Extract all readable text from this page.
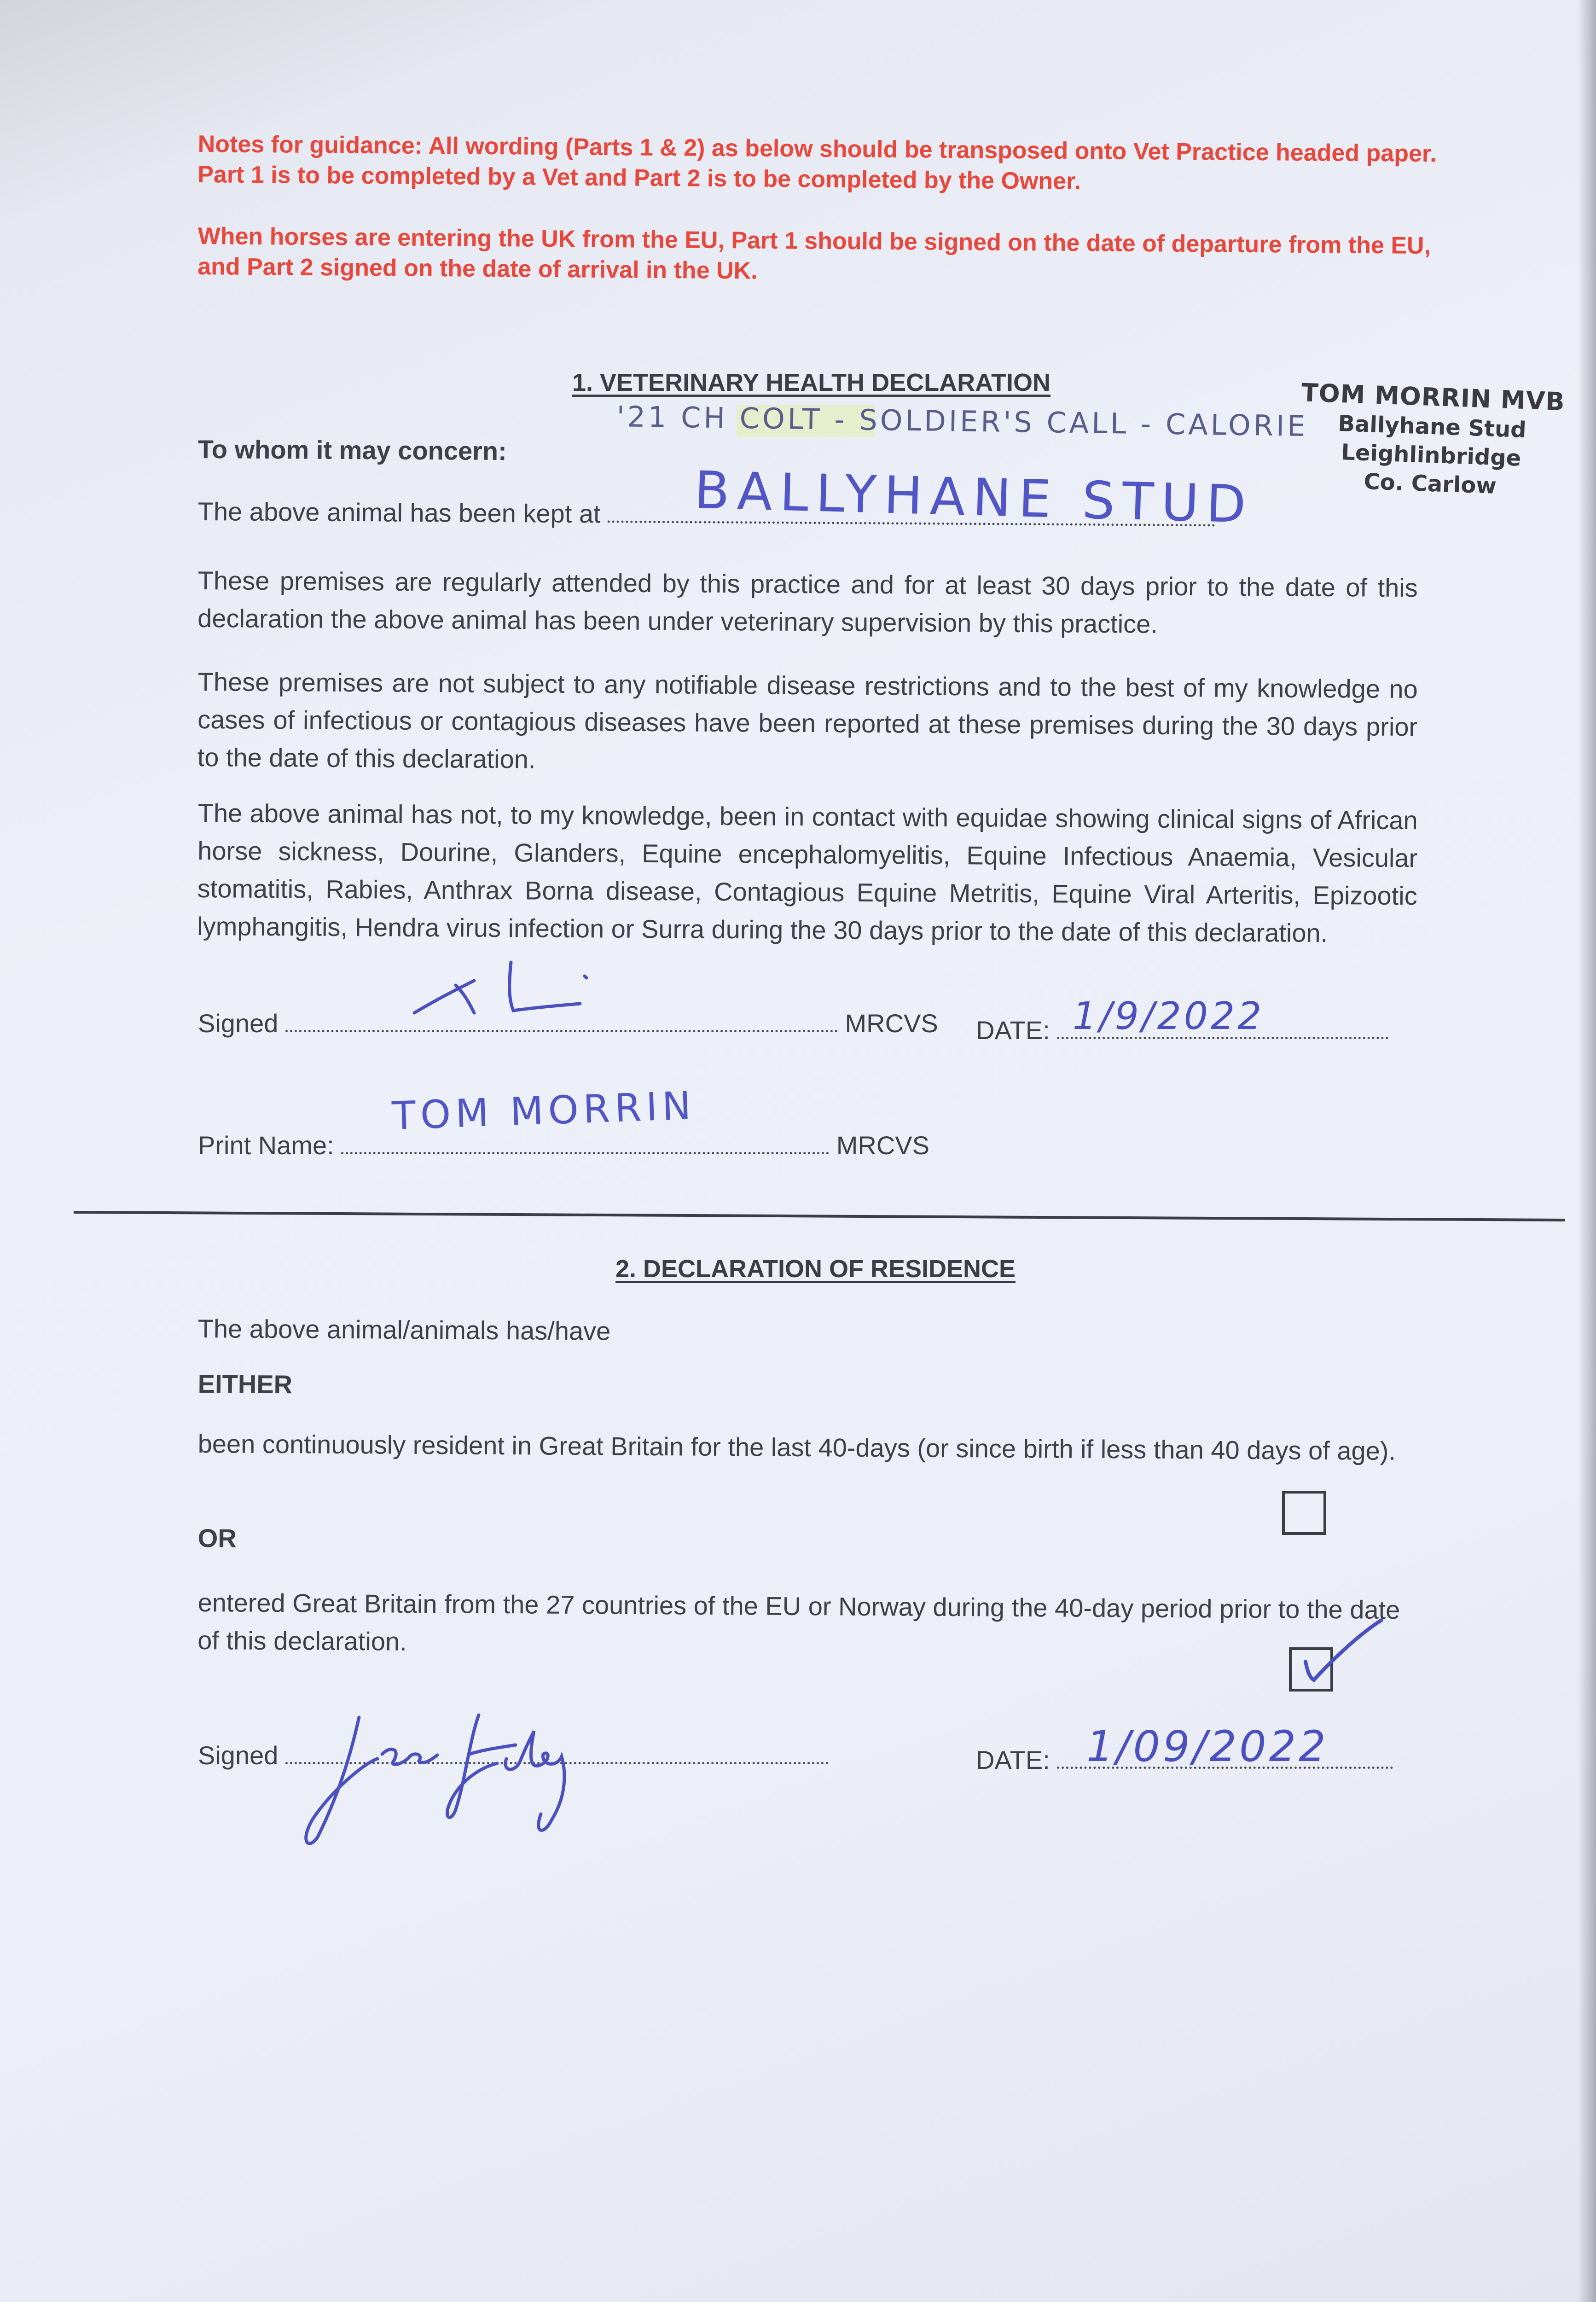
Notes for guidance: All wording (Parts 1 & 2) as below should be transposed onto Vet Practice headed paper. Part 1 is to be completed by a Vet and Part 2 is to be completed by the Owner.

When horses are entering the UK from the EU, Part 1 should be signed on the date of departure from the EU, and Part 2 signed on the date of arrival in the UK.

1. VETERINARY HEALTH DECLARATION
'21 CH COLT - SOLDIER'S CALL - CALORIE
TOM MORRIN MVB
Ballyhane Stud
Leighlinbridge
Co. Carlow

To whom it may concern:

The above animal has been kept at	BALLYHANE STUD

These premises are regularly attended by this practice and for at least 30 days prior to the date of this declaration the above animal has been under veterinary supervision by this practice.

These premises are not subject to any notifiable disease restrictions and to the best of my knowledge no cases of infectious or contagious diseases have been reported at these premises during the 30 days prior to the date of this declaration.

The above animal has not, to my knowledge, been in contact with equidae showing clinical signs of African horse sickness, Dourine, Glanders, Equine encephalomyelitis, Equine Infectious Anaemia, Vesicular stomatitis, Rabies, Anthrax Borna disease, Contagious Equine Metritis, Equine Viral Arteritis, Epizootic lymphangitis, Hendra virus infection or Surra during the 30 days prior to the date of this declaration.

Signed	MRCVS DATE: 1/9/2022
Print Name:	MRCVS
TOM MORRIN
2. DECLARATION OF RESIDENCE

The above animal/animals has/have

EITHER

been continuously resident in Great Britain for the last 40-days (or since birth if less than 40 days of age).

OR

entered Great Britain from the 27 countries of the EU or Norway during the 40-day period prior to the date of this declaration.

Signed	DATE: 1/09/2022
